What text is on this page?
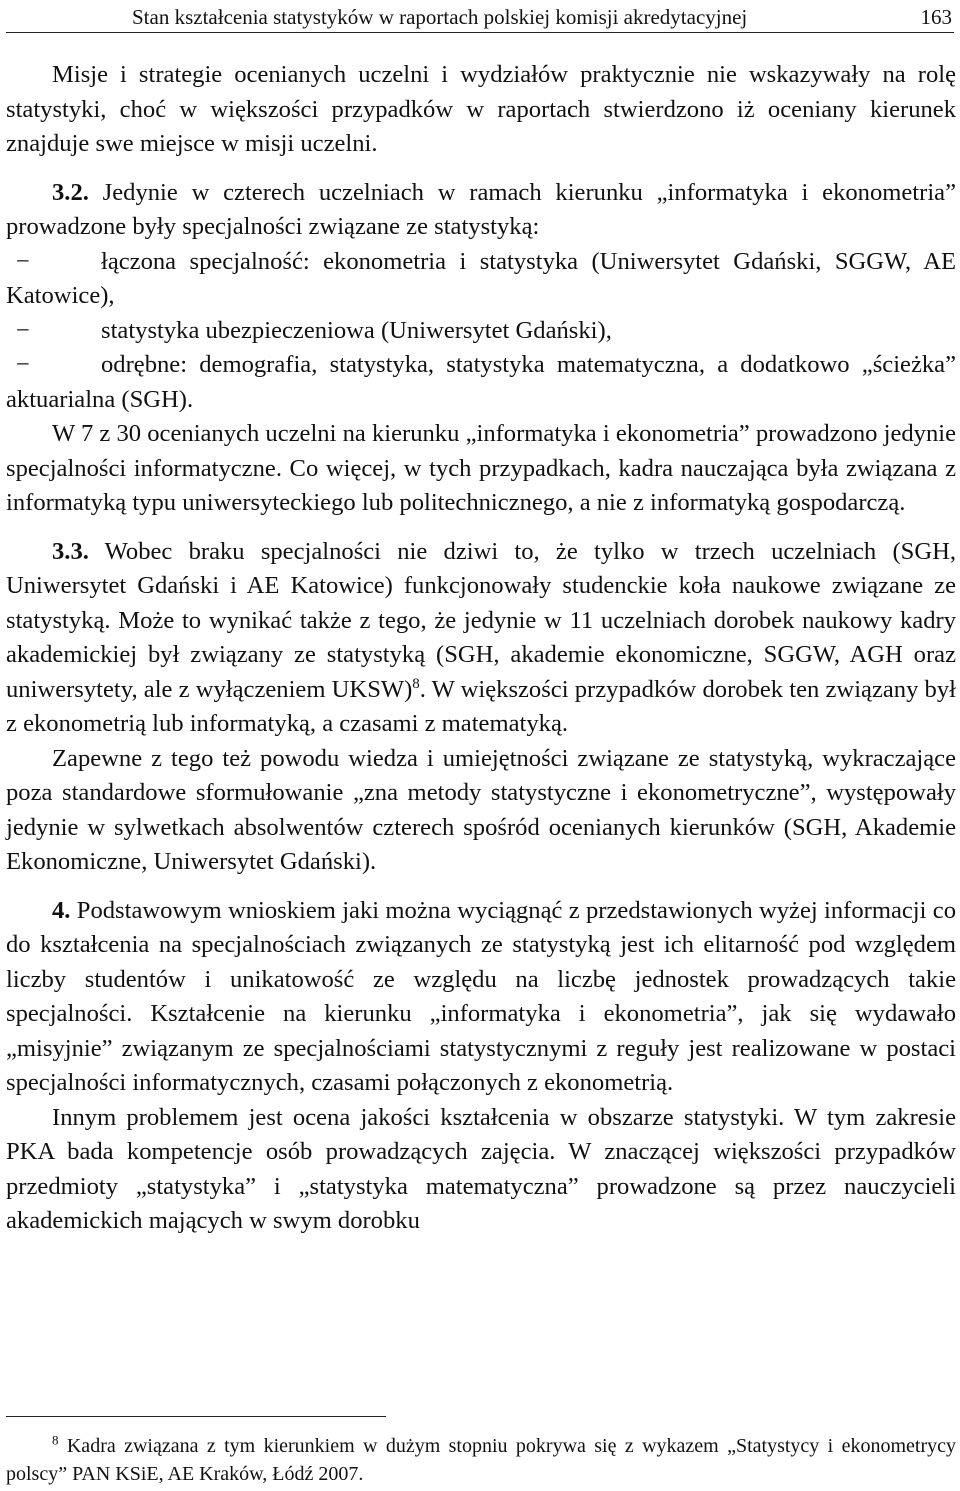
Stan kształcenia statystyków w raportach polskiej komisji akredytacyjnej	163

Misje i strategie ocenianych uczelni i wydziałów praktycznie nie wskazywały na rolę statystyki, choć w większości przypadków w raportach stwierdzono iż oceniany kierunek znajduje swe miejsce w misji uczelni.

3.2. Jedynie w czterech uczelniach w ramach kierunku „informatyka i ekonometria” prowadzone były specjalności związane ze statystyką:

−	łączona specjalność: ekonometria i statystyka (Uniwersytet Gdański, SGGW, AE Katowice),

−	statystyka ubezpieczeniowa (Uniwersytet Gdański),

−	odrębne: demografia, statystyka, statystyka matematyczna, a dodatkowo „ścieżka” aktuarialna (SGH).

W 7 z 30 ocenianych uczelni na kierunku „informatyka i ekonometria” prowadzono jedynie specjalności informatyczne. Co więcej, w tych przypadkach, kadra nauczająca była związana z informatyką typu uniwersyteckiego lub politechnicznego, a nie z informatyką gospodarczą.

3.3. Wobec braku specjalności nie dziwi to, że tylko w trzech uczelniach (SGH, Uniwersytet Gdański i AE Katowice) funkcjonowały studenckie koła naukowe związane ze statystyką. Może to wynikać także z tego, że jedynie w 11 uczelniach dorobek naukowy kadry akademickiej był związany ze statystyką (SGH, akademie ekonomiczne, SGGW, AGH oraz uniwersytety, ale z wyłączeniem UKSW)$^8$. W większości przypadków dorobek ten związany był z ekonometrią lub informatyką, a czasami z matematyką.

Zapewne z tego też powodu wiedza i umiejętności związane ze statystyką, wykraczające poza standardowe sformułowanie „zna metody statystyczne i ekonometryczne”, występowały jedynie w sylwetkach absolwentów czterech spośród ocenianych kierunków (SGH, Akademie Ekonomiczne, Uniwersytet Gdański).

4. Podstawowym wnioskiem jaki można wyciągnąć z przedstawionych wyżej informacji co do kształcenia na specjalnościach związanych ze statystyką jest ich elitarność pod względem liczby studentów i unikatowość ze względu na liczbę jednostek prowadzących takie specjalności. Kształcenie na kierunku „informatyka i ekonometria”, jak się wydawało „misyjnie” związanym ze specjalnościami statystycznymi z reguły jest realizowane w postaci specjalności informatycznych, czasami połączonych z ekonometrią.

Innym problemem jest ocena jakości kształcenia w obszarze statystyki. W tym zakresie PKA bada kompetencje osób prowadzących zajęcia. W znaczącej większości przypadków przedmioty „statystyka” i „statystyka matematyczna” prowadzone są przez nauczycieli akademickich mających w swym dorobku

$^8$ Kadra związana z tym kierunkiem w dużym stopniu pokrywa się z wykazem „Statystycy i ekonometrycy polscy” PAN KSiE, AE Kraków, Łódź 2007.
